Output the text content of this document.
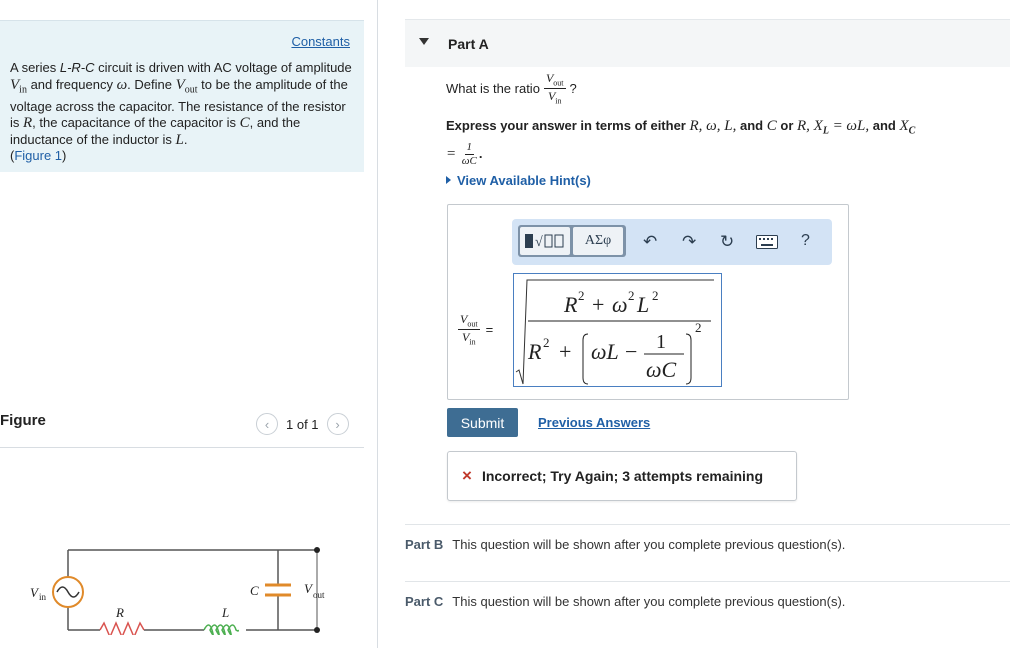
Constants
A series L-R-C circuit is driven with AC voltage of amplitude $V_{in}$ and frequency ω. Define $V_{out}$ to be the amplitude of the voltage across the capacitor. The resistance of the resistor is R, the capacitance of the capacitor is C, and the inductance of the inductor is L.
(Figure 1)
Figure	‹	1 of 1	›
V in
R	L
C	V out
Part A
What is the ratio $\frac{V_{out}}{V_{in}}$ ?
Express your answer in terms of either R, ω, L, and C or R, $X_L = \omega L$, and $X_C$
= $\frac{1}{\omega C}$ .
View Available Hint(s)
√	ΑΣφ	↶ ↷ ↻	?
$\frac{V_{out}}{V_{in}}$ =
R 2 + ω 2 L 2
R 2 + ωL − 1
ωC
2
Submit	Previous Answers
× Incorrect; Try Again; 3 attempts remaining
Part B This question will be shown after you complete previous question(s).
Part C This question will be shown after you complete previous question(s).
